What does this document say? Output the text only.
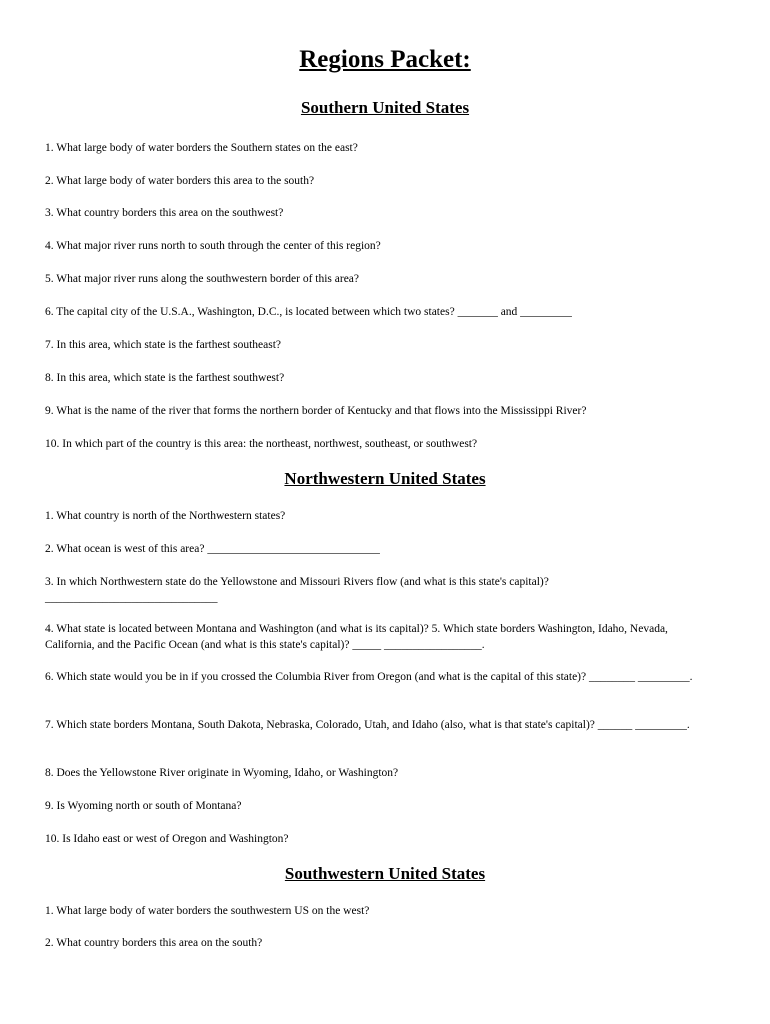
Regions Packet:
Southern United States
1. What large body of water borders the Southern states on the east?
2. What large body of water borders this area to the south?
3. What country borders this area on the southwest?
4. What major river runs north to south through the center of this region?
5. What major river runs along the southwestern border of this area?
6. The capital city of the U.S.A., Washington, D.C., is located between which two states? _______ and _________
7. In this area, which state is the farthest southeast?
8. In this area, which state is the farthest southwest?
9. What is the name of the river that forms the northern border of Kentucky and that flows into the Mississippi River?
10. In which part of the country is this area: the northeast, northwest, southeast, or southwest?
Northwestern United States
1. What country is north of the Northwestern states?
2. What ocean is west of this area? ______________________________
3. In which Northwestern state do the Yellowstone and Missouri Rivers flow (and what is this state's capital)? ______________________________
4. What state is located between Montana and Washington (and what is its capital)? 5. Which state borders Washington, Idaho, Nevada, California, and the Pacific Ocean (and what is this state's capital)? _____ _________________.
6. Which state would you be in if you crossed the Columbia River from Oregon (and what is the capital of this state)? ________ _________.
7. Which state borders Montana, South Dakota, Nebraska, Colorado, Utah, and Idaho (also, what is that state's capital)? ______ _________.
8. Does the Yellowstone River originate in Wyoming, Idaho, or Washington?
9. Is Wyoming north or south of Montana?
10. Is Idaho east or west of Oregon and Washington?
Southwestern United States
1. What large body of water borders the southwestern US on the west?
2. What country borders this area on the south?
